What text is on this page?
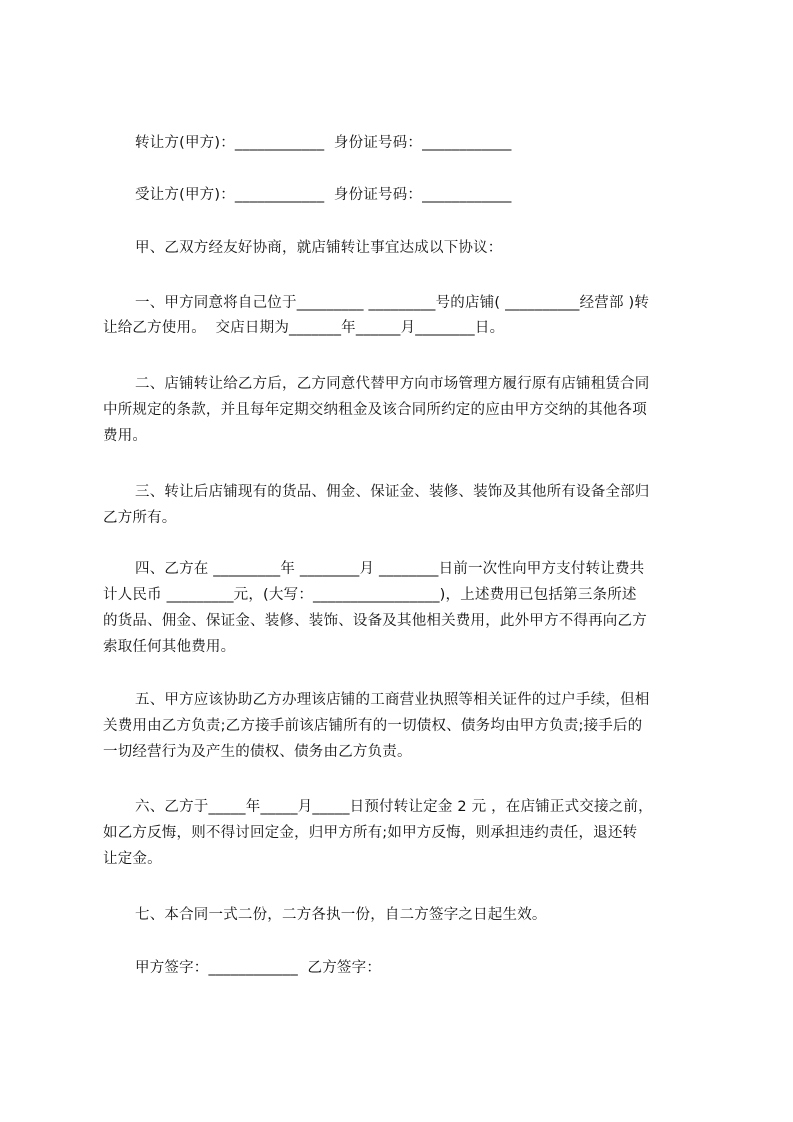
转让方(甲方)：____________  身份证号码：____________
受让方(甲方)：____________  身份证号码：____________
甲、乙双方经友好协商，就店铺转让事宜达成以下协议：
一、甲方同意将自己位于_________ _________号的店铺( __________经营部 )转
让给乙方使用。  交店日期为_______年______月________日。
二、店铺转让给乙方后，乙方同意代替甲方向市场管理方履行原有店铺租赁合同
中所规定的条款，并且每年定期交纳租金及该合同所约定的应由甲方交纳的其他各项
费用。
三、转让后店铺现有的货品、佣金、保证金、装修、装饰及其他所有设备全部归
乙方所有。
四、乙方在 _________年 ________月 ________日前一次性向甲方支付转让费共
计人民币 _________元，(大写：_________________)，上述费用已包括第三条所述
的货品、佣金、保证金、装修、装饰、设备及其他相关费用，此外甲方不得再向乙方
索取任何其他费用。
五、甲方应该协助乙方办理该店铺的工商营业执照等相关证件的过户手续，但相
关费用由乙方负责;乙方接手前该店铺所有的一切债权、债务均由甲方负责;接手后的
一切经营行为及产生的债权、债务由乙方负责。
六、乙方于_____年_____月_____日预付转让定金 2 元 ，在店铺正式交接之前，
如乙方反悔，则不得讨回定金，归甲方所有;如甲方反悔，则承担违约责任，退还转
让定金。
七、本合同一式二份，二方各执一份，自二方签字之日起生效。
甲方签字：____________  乙方签字：
